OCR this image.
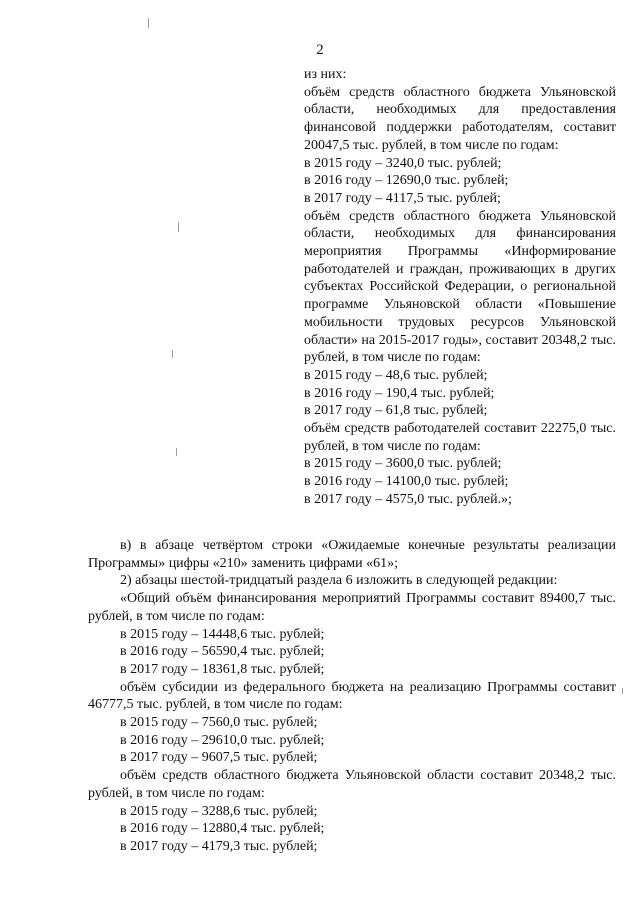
2

из них:

объём средств областного бюджета Ульяновской области, необходимых для предоставления финансовой поддержки работодателям, составит 20047,5 тыс. рублей, в том числе по годам:

в 2015 году – 3240,0 тыс. рублей;

в 2016 году – 12690,0 тыс. рублей;

в 2017 году – 4117,5 тыс. рублей;

объём средств областного бюджета Ульяновской области, необходимых для финансирования мероприятия Программы «Информирование работодателей и граждан, проживающих в других субъектах Российской Федерации, о региональной программе Ульяновской области «Повышение мобильности трудовых ресурсов Ульяновской области» на 2015-2017 годы», составит 20348,2 тыс. рублей, в том числе по годам:

в 2015 году – 48,6 тыс. рублей;

в 2016 году – 190,4 тыс. рублей;

в 2017 году – 61,8 тыс. рублей;

объём средств работодателей составит 22275,0 тыс. рублей, в том числе по годам:

в 2015 году – 3600,0 тыс. рублей;

в 2016 году – 14100,0 тыс. рублей;

в 2017 году – 4575,0 тыс. рублей.»;

в) в абзаце четвёртом строки «Ожидаемые конечные результаты реализации Программы» цифры «210» заменить цифрами «61»;

2) абзацы шестой-тридцатый раздела 6 изложить в следующей редакции:

«Общий объём финансирования мероприятий Программы составит 89400,7 тыс. рублей, в том числе по годам:

в 2015 году – 14448,6 тыс. рублей;

в 2016 году – 56590,4 тыс. рублей;

в 2017 году – 18361,8 тыс. рублей;

объём субсидии из федерального бюджета на реализацию Программы составит 46777,5 тыс. рублей, в том числе по годам:

в 2015 году – 7560,0 тыс. рублей;

в 2016 году – 29610,0 тыс. рублей;

в 2017 году – 9607,5 тыс. рублей;

объём средств областного бюджета Ульяновской области составит 20348,2 тыс. рублей, в том числе по годам:

в 2015 году – 3288,6 тыс. рублей;

в 2016 году – 12880,4 тыс. рублей;

в 2017 году – 4179,3 тыс. рублей;
